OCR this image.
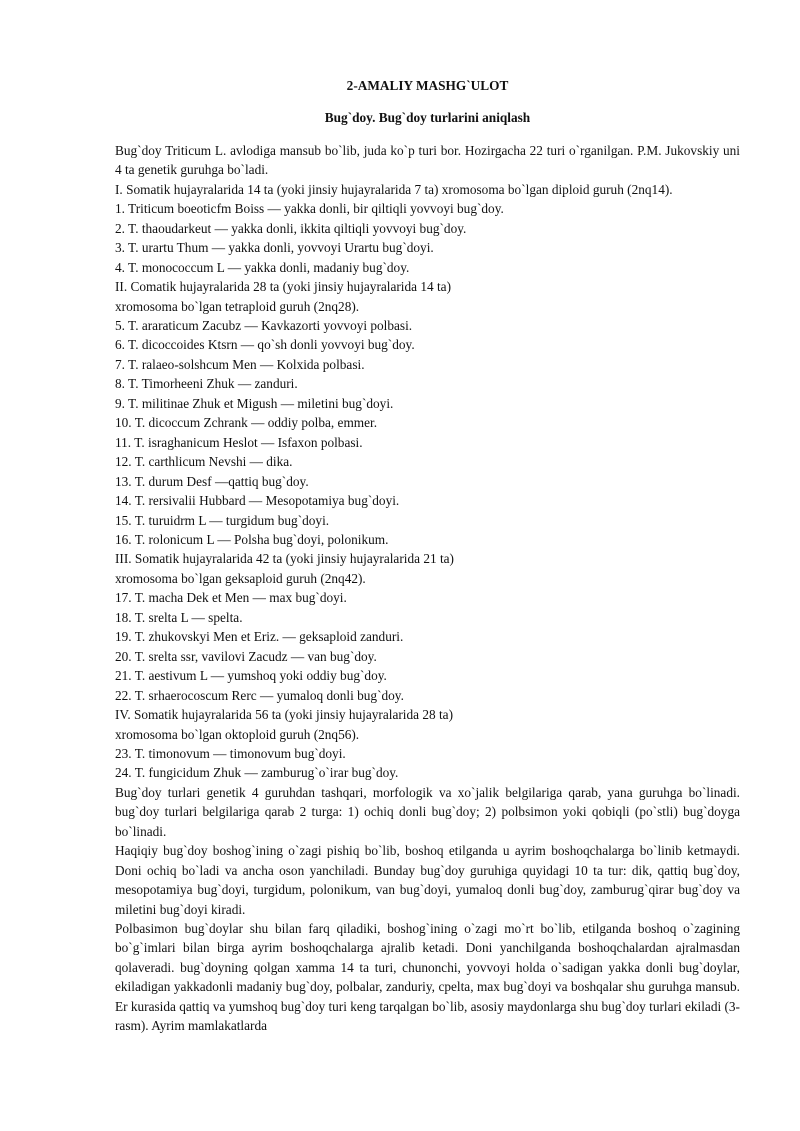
2-AMALIY MASHG`ULOT

Bug`doy. Bug`doy turlarini aniqlash

Bug`doy Triticum L. avlodiga mansub bo`lib, juda ko`p turi bor. Hozirgacha 22 turi o`rganilgan. P.M. Jukovskiy uni 4 ta genetik guruhga bo`ladi.

I. Somatik hujayralarida 14 ta (yoki jinsiy hujayralarida 7 ta) xromosoma bo`lgan diploid guruh (2nq14).

1. Triticum boeoticfm Boiss — yakka donli, bir qiltiqli yovvoyi bug`doy.

2. T. thaoudarkeut — yakka donli, ikkita qiltiqli yovvoyi bug`doy.

3. T. urartu Thum — yakka donli, yovvoyi Urartu bug`doyi.

4. T. monococcum L — yakka donli, madaniy bug`doy.

II. Comatik hujayralarida 28 ta (yoki jinsiy hujayralarida 14 ta)

xromosoma bo`lgan tetraploid guruh (2nq28).

5. T. araraticum Zacubz — Kavkazorti yovvoyi polbasi.

6. T. dicoccoides Ktsrn — qo`sh donli yovvoyi bug`doy.

7. T. ralaeo-solshcum Men — Kolxida polbasi.

8. T. Timorheeni Zhuk — zanduri.

9. T. militinae Zhuk et Migush — miletini bug`doyi.

10. T. dicoccum Zchrank — oddiy polba, emmer.

11. T. israghanicum Heslot — Isfaxon polbasi.

12. T. carthlicum Nevshi — dika.

13. T. durum Desf —qattiq bug`doy.

14. T. rersivalii Hubbard — Mesopotamiya bug`doyi.

15. T. turuidrm L — turgidum bug`doyi.

16. T. rolonicum L — Polsha bug`doyi, polonikum.

III. Somatik hujayralarida 42 ta (yoki jinsiy hujayralarida 21 ta)

xromosoma bo`lgan geksaploid guruh (2nq42).

17. T. macha Dek et Men — max bug`doyi.

18. T. srelta L — spelta.

19. T. zhukovskyi Men et Eriz. — geksaploid zanduri.

20. T. srelta ssr, vavilovi Zacudz — van bug`doy.

21. T. aestivum L — yumshoq yoki oddiy bug`doy.

22. T. srhaerocoscum Rerc — yumaloq donli bug`doy.

IV. Somatik hujayralarida 56 ta (yoki jinsiy hujayralarida 28 ta)

xromosoma bo`lgan oktoploid guruh (2nq56).

23. T. timonovum — timonovum bug`doyi.

24. T. fungicidum Zhuk — zamburug`o`irar bug`doy.

Bug`doy turlari genetik 4 guruhdan tashqari, morfologik va xo`jalik belgilariga qarab, yana guruhga bo`linadi. bug`doy turlari belgilariga qarab 2 turga: 1) ochiq donli bug`doy; 2) polbsimon yoki qobiqli (po`stli) bug`doyga bo`linadi.

Haqiqiy bug`doy boshog`ining o`zagi pishiq bo`lib, boshoq etilganda u ayrim boshoqchalarga bo`linib ketmaydi. Doni ochiq bo`ladi va ancha oson yanchiladi. Bunday bug`doy guruhiga quyidagi 10 ta tur: dik, qattiq bug`doy, mesopotamiya bug`doyi, turgidum, polonikum, van bug`doyi, yumaloq donli bug`doy, zamburug`qirar bug`doy va miletini bug`doyi kiradi.

Polbasimon bug`doylar shu bilan farq qiladiki, boshog`ining o`zagi mo`rt bo`lib, etilganda boshoq o`zagining bo`g`imlari bilan birga ayrim boshoqchalarga ajralib ketadi. Doni yanchilganda boshoqchalardan ajralmasdan qolaveradi. bug`doyning qolgan xamma 14 ta turi, chunonchi, yovvoyi holda o`sadigan yakka donli bug`doylar, ekiladigan yakkadonli madaniy bug`doy, polbalar, zanduriy, cpelta, max bug`doyi va boshqalar shu guruhga mansub. Er kurasida qattiq va yumshoq bug`doy turi keng tarqalgan bo`lib, asosiy maydonlarga shu bug`doy turlari ekiladi (3-rasm). Ayrim mamlakatlarda
